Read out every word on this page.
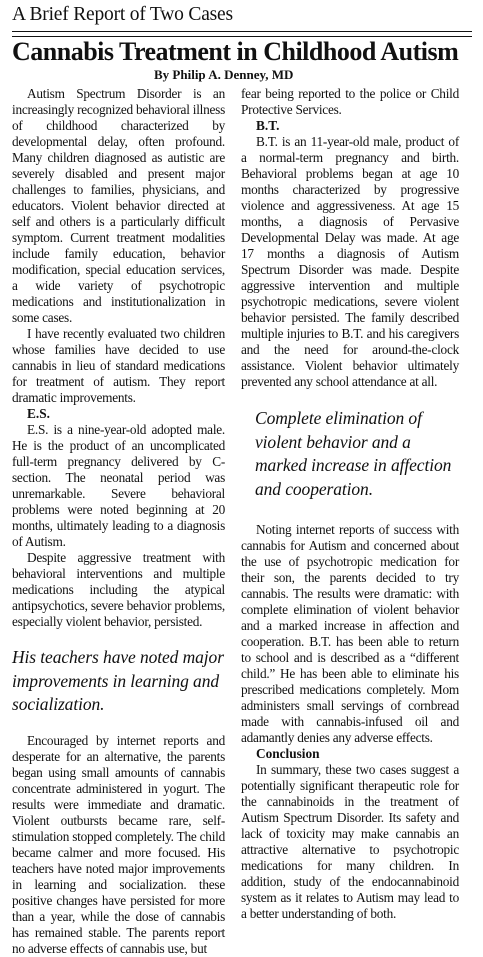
A Brief Report of Two Cases
Cannabis Treatment in Childhood Autism
By Philip A. Denney, MD

Autism Spectrum Disorder is an increasingly recognized behavioral illness of childhood characterized by developmental delay, often profound. Many children diagnosed as autistic are severely disabled and present major challenges to families, physicians, and educators. Violent behavior directed at self and others is a particularly difficult symptom. Current treatment modalities include family education, behavior modification, special education services, a wide variety of psychotropic medications and institutionalization in some cases.

I have recently evaluated two children whose families have decided to use cannabis in lieu of standard medications for treatment of autism. They report dramatic improvements.

E.S.

E.S. is a nine-year-old adopted male. He is the product of an uncomplicated full-term pregnancy delivered by C-section. The neonatal period was unremarkable. Severe behavioral problems were noted beginning at 20 months, ultimately leading to a diagnosis of Autism.

Despite aggressive treatment with behavioral interventions and multiple medications including the atypical antipsychotics, severe behavior problems, especially violent behavior, persisted.

His teachers have noted major improvements in learning and socialization.

Encouraged by internet reports and desperate for an alternative, the parents began using small amounts of cannabis concentrate administered in yogurt. The results were immediate and dramatic. Violent outbursts became rare, self-stimulation stopped completely. The child became calmer and more focused. His teachers have noted major improvements in learning and socialization. these positive changes have persisted for more than a year, while the dose of cannabis has remained stable. The parents report no adverse effects of cannabis use, but

fear being reported to the police or Child Protective Services.

B.T.

B.T. is an 11-year-old male, product of a normal-term pregnancy and birth. Behavioral problems began at age 10 months characterized by progressive violence and aggressiveness. At age 15 months, a diagnosis of Pervasive Developmental Delay was made. At age 17 months a diagnosis of Autism Spectrum Disorder was made. Despite aggressive intervention and multiple psychotropic medications, severe violent behavior persisted. The family described multiple injuries to B.T. and his caregivers and the need for around-the-clock assistance. Violent behavior ultimately prevented any school attendance at all.

Complete elimination of violent behavior and a marked increase in affection and cooperation.

Noting internet reports of success with cannabis for Autism and concerned about the use of psychotropic medication for their son, the parents decided to try cannabis. The results were dramatic: with complete elimination of violent behavior and a marked increase in affection and cooperation. B.T. has been able to return to school and is described as a “different child.” He has been able to eliminate his prescribed medications completely. Mom administers small servings of cornbread made with cannabis-infused oil and adamantly denies any adverse effects.

Conclusion

In summary, these two cases suggest a potentially significant therapeutic role for the cannabinoids in the treatment of Autism Spectrum Disorder. Its safety and lack of toxicity may make cannabis an attractive alternative to psychotropic medications for many children. In addition, study of the endocannabinoid system as it relates to Autism may lead to a better understanding of both.
